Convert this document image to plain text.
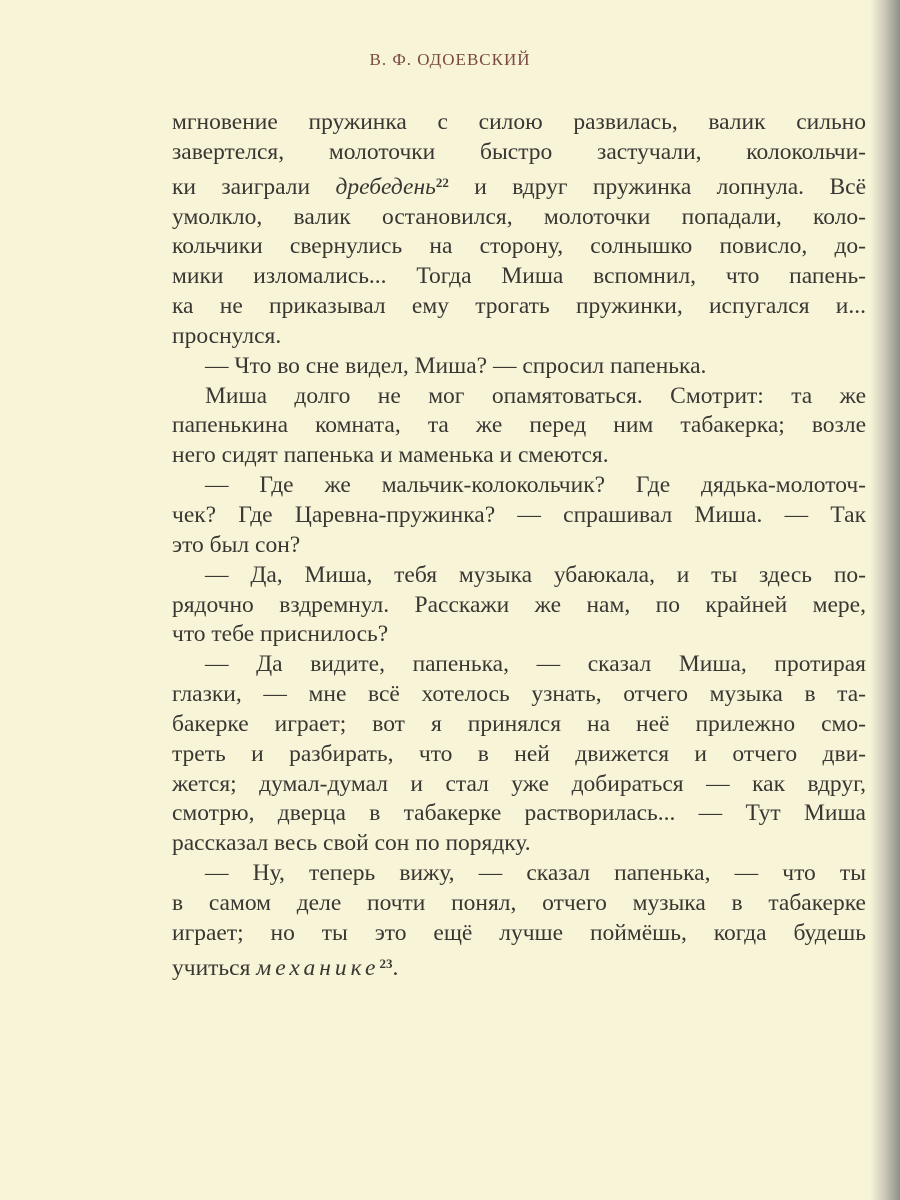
В. Ф. ОДОЕВСКИЙ
мгновение пружинка с силою развилась, валик сильно
завертелся, молоточки быстро застучали, колокольчи-
ки заиграли дребедень$^{22}$ и вдруг пружинка лопнула. Всё
умолкло, валик остановился, молоточки попадали, коло-
кольчики свернулись на сторону, солнышко повисло, до-
мики изломались... Тогда Миша вспомнил, что папень-
ка не приказывал ему трогать пружинки, испугался и...
проснулся.
— Что во сне видел, Миша? — спросил папенька.
Миша долго не мог опамятоваться. Смотрит: та же
папенькина комната, та же перед ним табакерка; возле
него сидят папенька и маменька и смеются.
— Где же мальчик-колокольчик? Где дядька-молоточ-
чек? Где Царевна-пружинка? — спрашивал Миша. — Так
это был сон?
— Да, Миша, тебя музыка убаюкала, и ты здесь по-
рядочно вздремнул. Расскажи же нам, по крайней мере,
что тебе приснилось?
— Да видите, папенька, — сказал Миша, протирая
глазки, — мне всё хотелось узнать, отчего музыка в та-
бакерке играет; вот я принялся на неё прилежно смо-
треть и разбирать, что в ней движется и отчего дви-
жется; думал-думал и стал уже добираться — как вдруг,
смотрю, дверца в табакерке растворилась... — Тут Миша
рассказал весь свой сон по порядку.
— Ну, теперь вижу, — сказал папенька, — что ты
в самом деле почти понял, отчего музыка в табакерке
играет; но ты это ещё лучше поймёшь, когда будешь
учиться механике$^{23}$.
